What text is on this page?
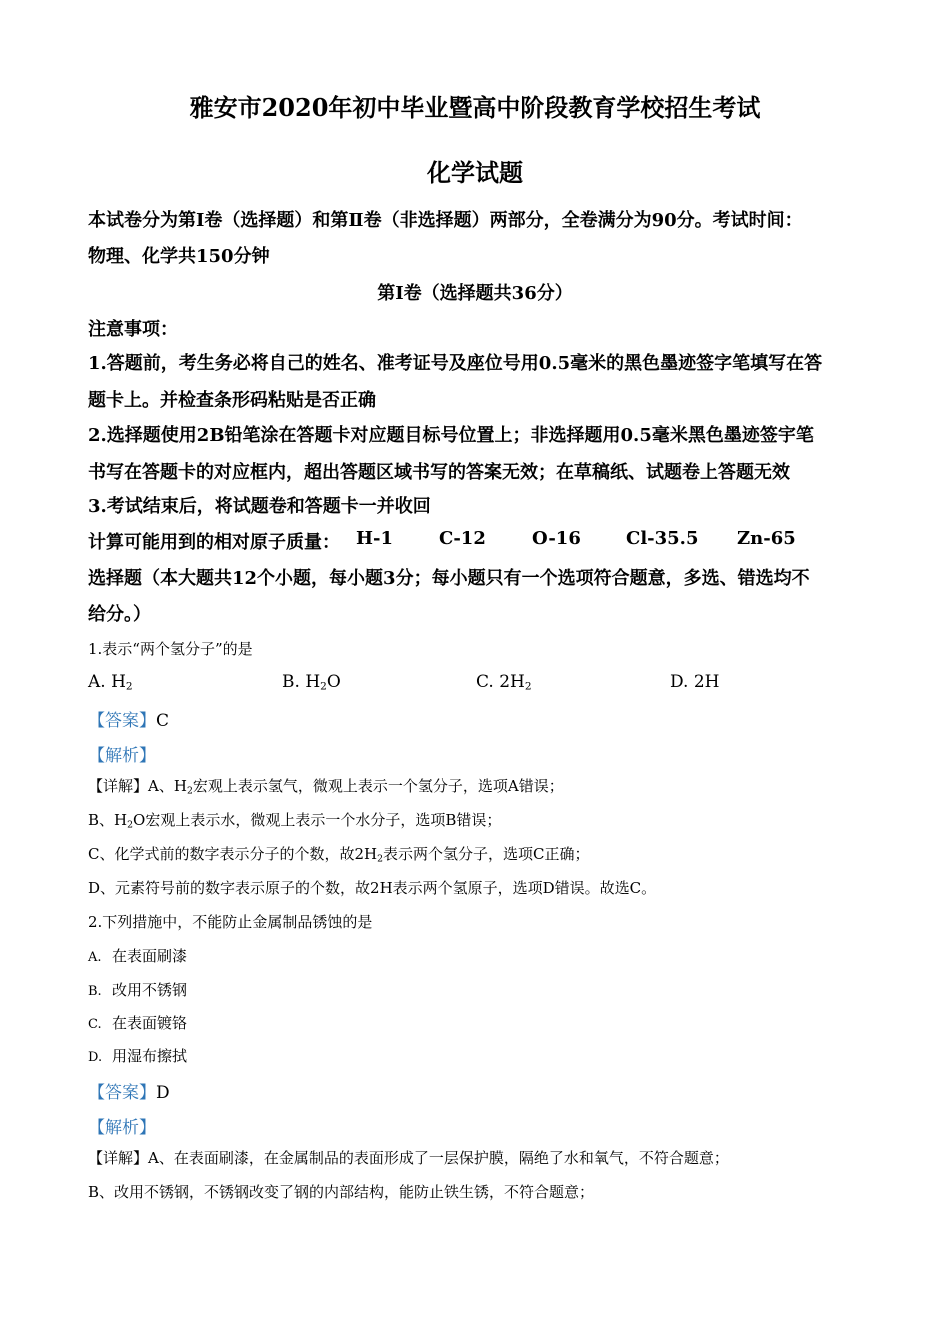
雅安市2020年初中毕业暨高中阶段教育学校招生考试
化学试题
本试卷分为第Ⅰ卷（选择题）和第Ⅱ卷（非选择题）两部分，全卷满分为90分。考试时间：
物理、化学共150分钟
第Ⅰ卷（选择题共36分）
注意事项：
1.答题前，考生务必将自己的姓名、准考证号及座位号用0.5毫米的黑色墨迹签字笔填写在答
题卡上。并检查条形码粘贴是否正确
2.选择题使用2B铅笔涂在答题卡对应题目标号位置上；非选择题用0.5毫米黑色墨迹签宇笔
书写在答题卡的对应框内，超出答题区域书写的答案无效；在草稿纸、试题卷上答题无效
3.考试结束后，将试题卷和答题卡一并收回
计算可能用到的相对原子质量： H-1	C-12	O-16	Cl-35.5 Zn-65
选择题（本大题共12个小题，每小题3分；每小题只有一个选项符合题意，多选、错选均不
给分。）
1.表示“两个氢分子”的是
A. $H_2$	B. $H_2O$	C. $2H_2$	D. 2H
【答案】C
【解析】
【详解】A、$H_2$宏观上表示氢气，微观上表示一个氢分子，选项A错误；
B、$H_2O$宏观上表示水，微观上表示一个水分子，选项B错误；
C、化学式前的数字表示分子的个数，故$2H_2$表示两个氢分子，选项C正确；
D、元素符号前的数字表示原子的个数，故2H表示两个氢原子，选项D错误。故选C。
2.下列措施中，不能防止金属制品锈蚀的是
A. 在表面刷漆
B. 改用不锈钢
C. 在表面镀铬
D. 用湿布擦拭
【答案】D
【解析】
【详解】A、在表面刷漆，在金属制品的表面形成了一层保护膜，隔绝了水和氧气，不符合题意；
B、改用不锈钢，不锈钢改变了钢的内部结构，能防止铁生锈，不符合题意；
